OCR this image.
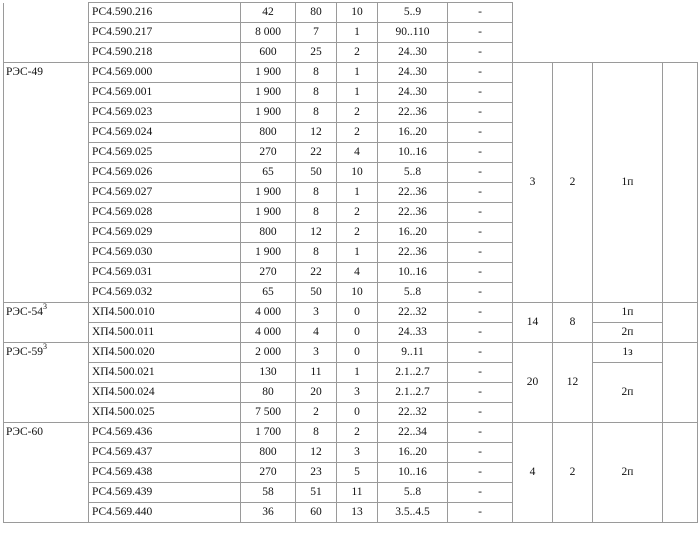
	РС4.590.216	42	80	10	5..9	-				
	РС4.590.217	8 000	7	1	90..110	-				
	РС4.590.218	600	25	2	24..30	-				
РЭС-49	РС4.569.000	1 900	8	1	24..30	-	3	2	1п	
	РС4.569.001	1 900	8	1	24..30	-				
	РС4.569.023	1 900	8	2	22..36	-				
	РС4.569.024	800	12	2	16..20	-				
	РС4.569.025	270	22	4	10..16	-				
	РС4.569.026	65	50	10	5..8	-				
	РС4.569.027	1 900	8	1	22..36	-				
	РС4.569.028	1 900	8	2	22..36	-				
	РС4.569.029	800	12	2	16..20	-				
	РС4.569.030	1 900	8	1	22..36	-				
	РС4.569.031	270	22	4	10..16	-				
	РС4.569.032	65	50	10	5..8	-				
РЭС-$54^3$	ХП4.500.010	4 000	3	0	22..32	-	14	8	1п	
	ХП4.500.011	4 000	4	0	24..33	-			2п	
РЭС-$59^3$	ХП4.500.020	2 000	3	0	9..11	-	20	12	1з	
	ХП4.500.021	130	11	1	2.1..2.7	-			2п	
	ХП4.500.024	80	20	3	2.1..2.7	-				
	ХП4.500.025	7 500	2	0	22..32	-				
РЭС-60	РС4.569.436	1 700	8	2	22..34	-	4	2	2п	
	РС4.569.437	800	12	3	16..20	-				
	РС4.569.438	270	23	5	10..16	-				
	РС4.569.439	58	51	11	5..8	-				
	РС4.569.440	36	60	13	3.5..4.5	-				
